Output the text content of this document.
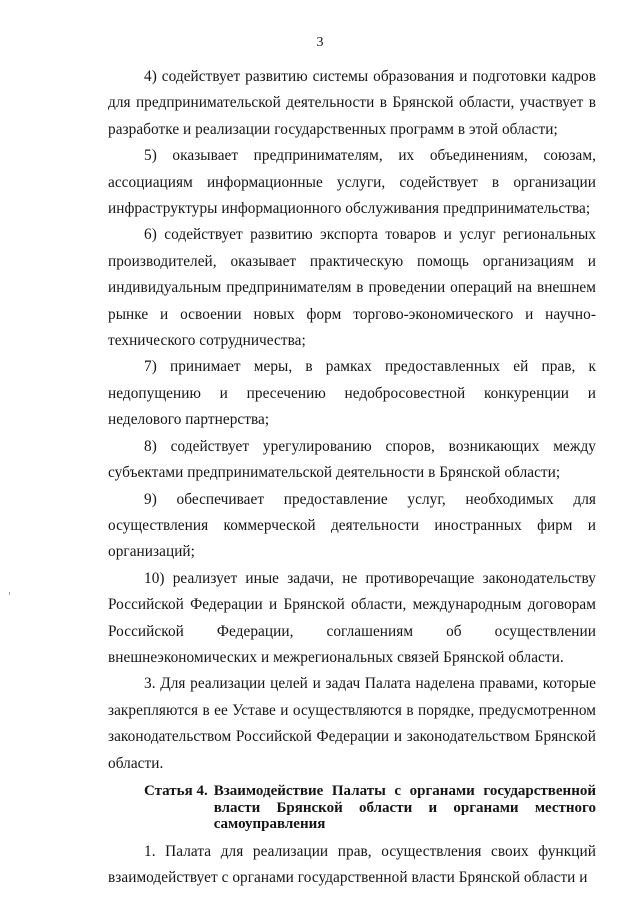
3

4) содействует развитию системы образования и подготовки кадров для предпринимательской деятельности в Брянской области, участвует в разработке и реализации государственных программ в этой области;

5) оказывает предпринимателям, их объединениям, союзам, ассоциациям информационные услуги, содействует в организации инфраструктуры информационного обслуживания предпринимательства;

6) содействует развитию экспорта товаров и услуг региональных производителей, оказывает практическую помощь организациям и индивидуальным предпринимателям в проведении операций на внешнем рынке и освоении новых форм торгово-экономического и научно-технического сотрудничества;

7) принимает меры, в рамках предоставленных ей прав, к недопущению и пресечению недобросовестной конкуренции и неделового партнерства;

8) содействует урегулированию споров, возникающих между субъектами предпринимательской деятельности в Брянской области;

9) обеспечивает предоставление услуг, необходимых для осуществления коммерческой деятельности иностранных фирм и организаций;

10) реализует иные задачи, не противоречащие законодательству Российской Федерации и Брянской области, международным договорам Российской Федерации, соглашениям об осуществлении внешнеэкономических и межрегиональных связей Брянской области.

3. Для реализации целей и задач Палата наделена правами, которые закрепляются в ее Уставе и осуществляются в порядке, предусмотренном законодательством Российской Федерации и законодательством Брянской области.

Статья 4. Взаимодействие Палаты с органами государственной власти Брянской области и органами местного самоуправления

1. Палата для реализации прав, осуществления своих функций взаимодействует с органами государственной власти Брянской области и
